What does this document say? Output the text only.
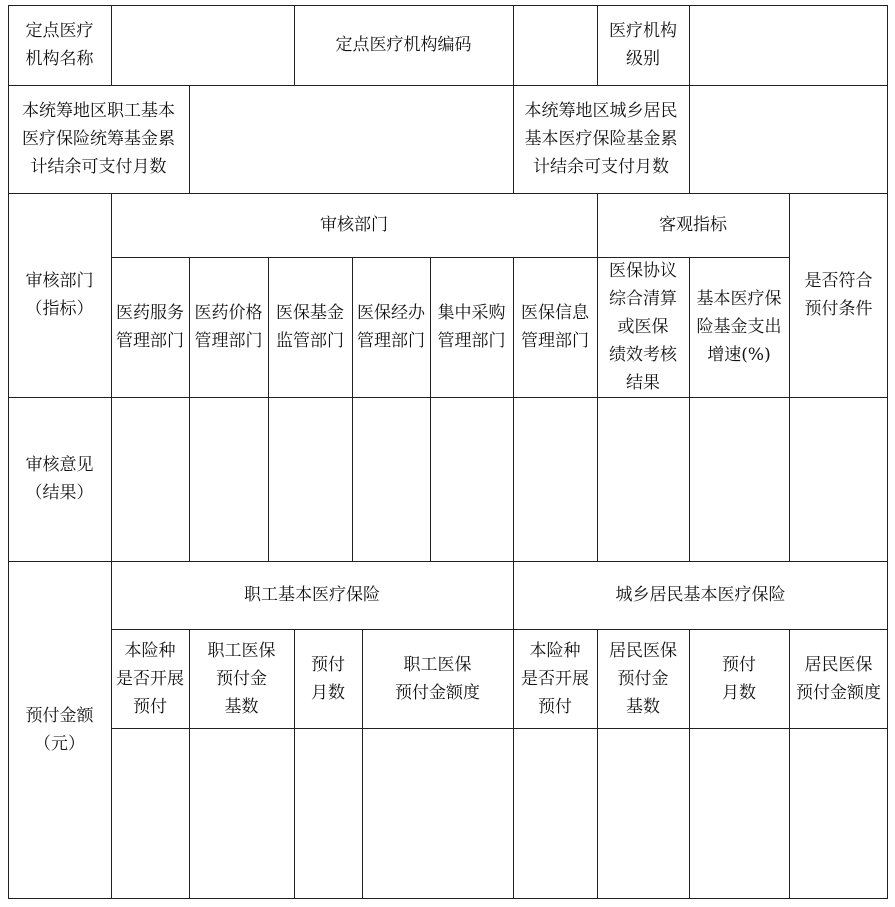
定点医疗
机构名称
定点医疗机构编码
医疗机构
级别
本统筹地区职工基本
医疗保险统筹基金累
计结余可支付月数
本统筹地区城乡居民
基本医疗保险基金累
计结余可支付月数
审核部门
（指标）
审核部门	客观指标
是否符合
预付条件
医药服务
管理部门
医药价格
管理部门
医保基金
监管部门
医保经办
管理部门
集中采购
管理部门
医保信息
管理部门
医保协议
综合清算
或医保
绩效考核
结果
基本医疗保
险基金支出
增速(%)
审核意见
（结果）
预付金额
（元）
职工基本医疗保险	城乡居民基本医疗保险
本险种
是否开展
预付
职工医保
预付金
基数
预付
月数
职工医保
预付金额度
本险种
是否开展
预付
居民医保
预付金
基数
预付
月数
居民医保
预付金额度
